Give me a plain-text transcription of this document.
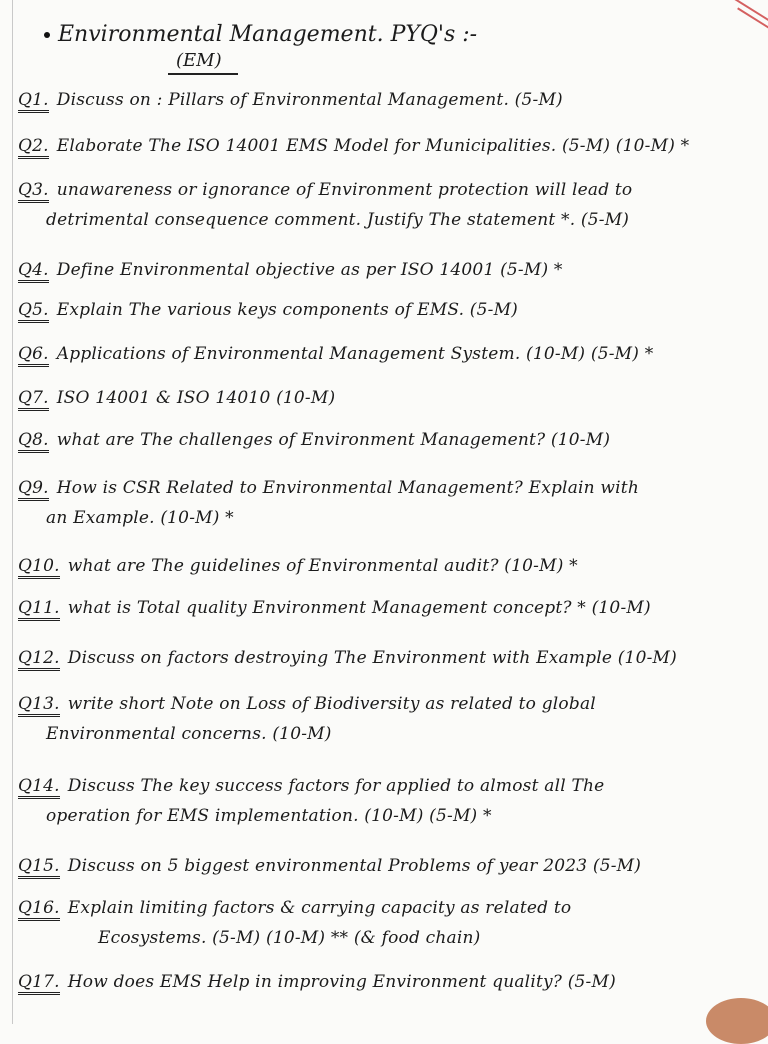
Environmental Management. PYQ's :-
(EM)
Q1. Discuss on : Pillars of Environmental Management. (5-M)
Q2. Elaborate The ISO 14001 EMS Model for Municipalities. (5-M) (10-M) *
Q3. unawareness or ignorance of Environment protection will lead to
detrimental consequence comment. Justify The statement *. (5-M)
Q4. Define Environmental objective as per ISO 14001 (5-M) *
Q5. Explain The various keys components of EMS. (5-M)
Q6. Applications of Environmental Management System. (10-M) (5-M) *
Q7. ISO 14001 & ISO 14010 (10-M)
Q8. what are The challenges of Environment Management? (10-M)
Q9. How is CSR Related to Environmental Management? Explain with
an Example. (10-M) *
Q10. what are The guidelines of Environmental audit? (10-M) *
Q11. what is Total quality Environment Management concept? * (10-M)
Q12. Discuss on factors destroying The Environment with Example (10-M)
Q13. write short Note on Loss of Biodiversity as related to global
Environmental concerns. (10-M)
Q14. Discuss The key success factors for applied to almost all The
operation for EMS implementation. (10-M) (5-M) *
Q15. Discuss on 5 biggest environmental Problems of year 2023 (5-M)
Q16. Explain limiting factors & carrying capacity as related to
Ecosystems. (5-M) (10-M) ** (& food chain)
Q17. How does EMS Help in improving Environment quality? (5-M)
